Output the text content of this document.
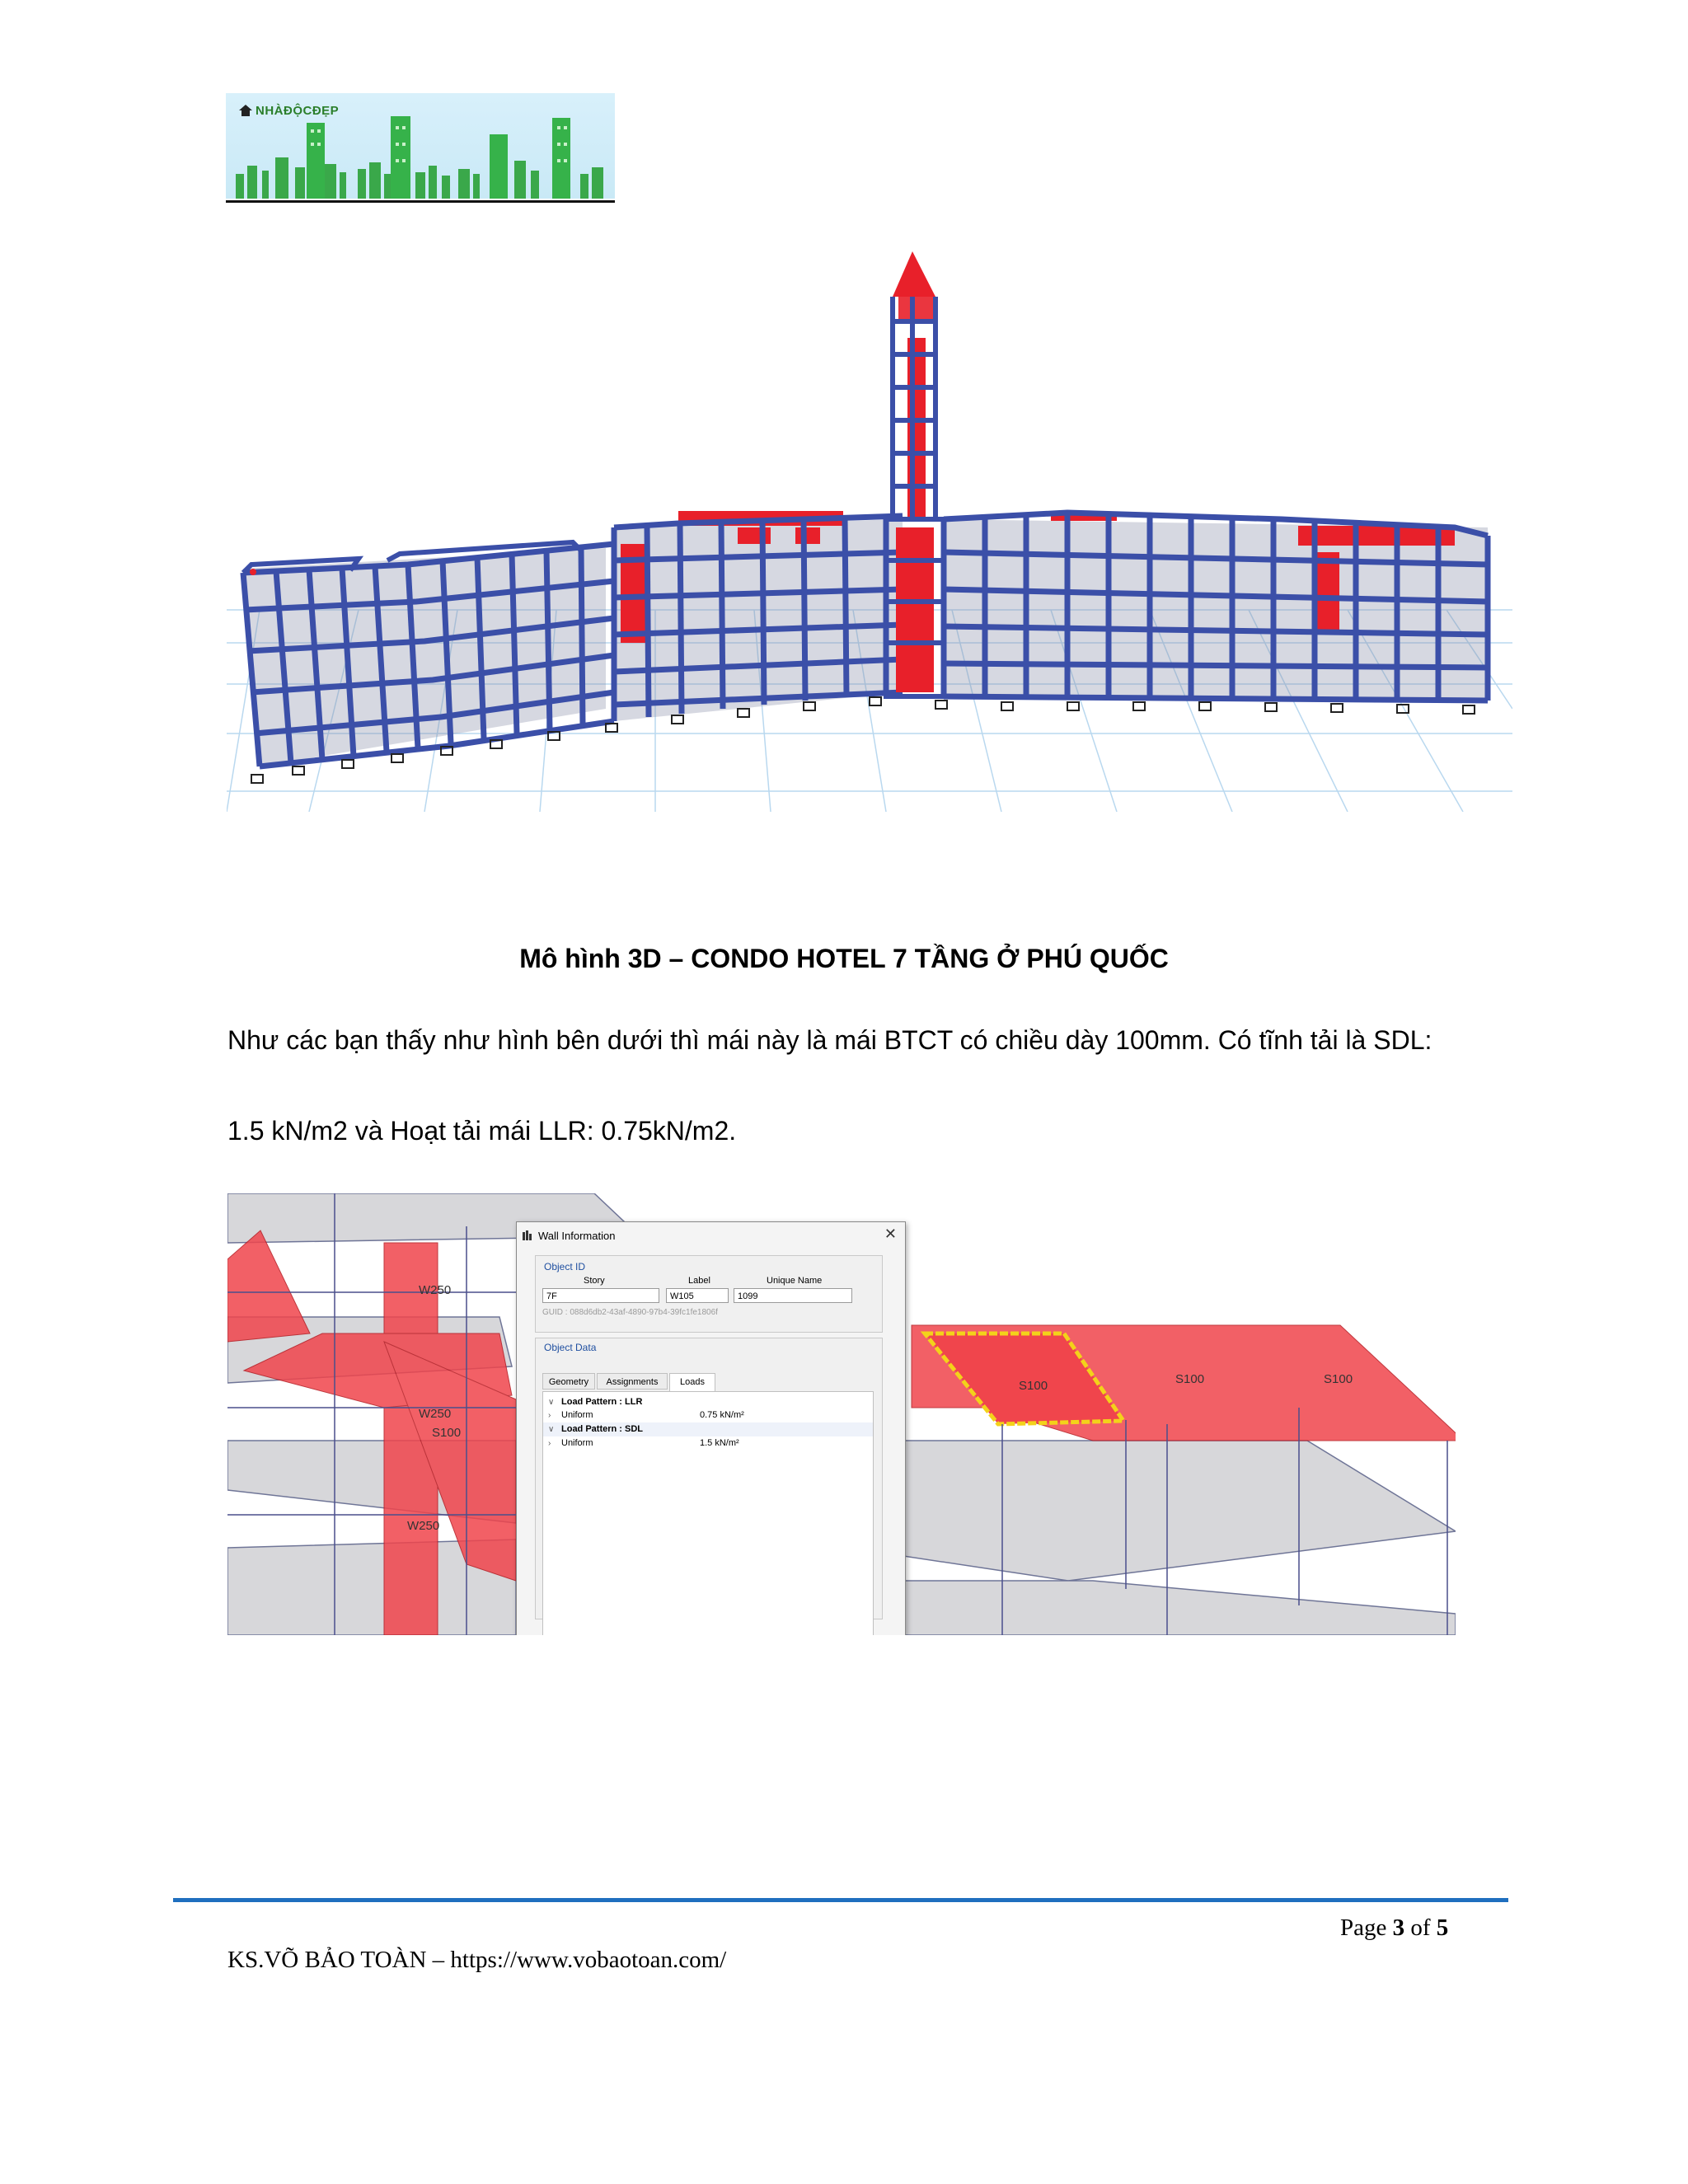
NHÀĐỘCĐẸP
Mô hình 3D – CONDO HOTEL 7 TẦNG Ở PHÚ QUỐC
Như các bạn thấy như hình bên dưới thì mái này là mái BTCT có chiều dày 100mm. Có tĩnh tải là SDL:
1.5 kN/m2 và Hoạt tải mái LLR: 0.75kN/m2.
W250
W250
S100
W250
S100	S100	S100
Wall Information	✕
Object ID
Story	Label	Unique Name
7F	W105	1099
GUID : 088d6db2-43af-4890-97b4-39fc1fe1806f
Object Data
Geometry	Assignments	Loads
∨ Load Pattern : LLR
› Uniform	0.75 kN/m²
∨ Load Pattern : SDL
› Uniform	1.5 kN/m²
Page 3 of 5
KS.VÕ BẢO TOÀN – https://www.vobaotoan.com/
